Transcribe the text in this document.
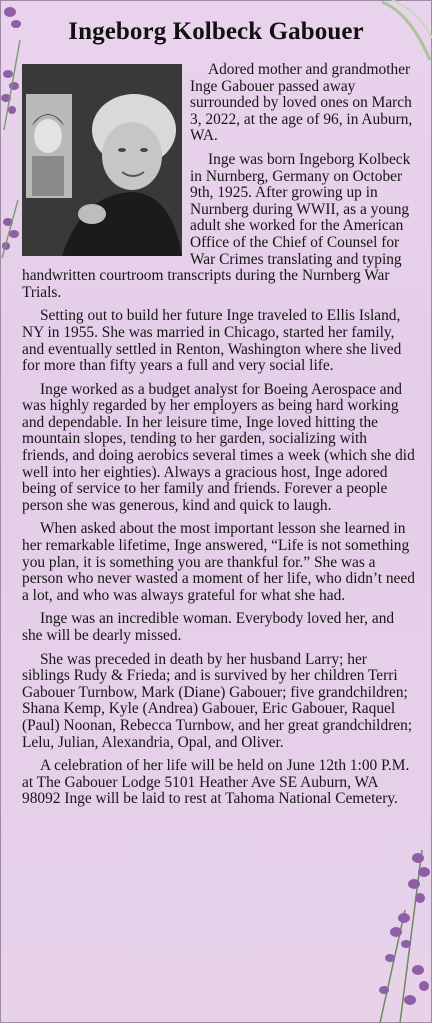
Ingeborg Kolbeck Gabouer

Adored mother and grandmother Inge Gabouer passed away surrounded by loved ones on March 3, 2022, at the age of 96, in Auburn, WA.

Inge was born Ingeborg Kolbeck in Nurnberg, Germany on October 9th, 1925. After growing up in Nurnberg during WWII, as a young adult she worked for the American Office of the Chief of Counsel for War Crimes translating and typing handwritten courtroom transcripts during the Nurnberg War Trials.

Setting out to build her future Inge traveled to Ellis Island, NY in 1955. She was married in Chicago, started her family, and eventually settled in Renton, Washington where she lived for more than fifty years a full and very social life.

Inge worked as a budget analyst for Boeing Aerospace and was highly regarded by her employers as being hard working and dependable. In her leisure time, Inge loved hitting the mountain slopes, tending to her garden, socializing with friends, and doing aerobics several times a week (which she did well into her eighties). Always a gracious host, Inge adored being of service to her family and friends. Forever a people person she was generous, kind and quick to laugh.

When asked about the most important lesson she learned in her remarkable lifetime, Inge answered, “Life is not something you plan, it is something you are thankful for.” She was a person who never wasted a moment of her life, who didn’t need a lot, and who was always grateful for what she had.

Inge was an incredible woman. Everybody loved her, and she will be dearly missed.

She was preceded in death by her husband Larry; her siblings Rudy & Frieda; and is survived by her children Terri Gabouer Turnbow, Mark (Diane) Gabouer; five grandchildren; Shana Kemp, Kyle (Andrea) Gabouer, Eric Gabouer, Raquel (Paul) Noonan, Rebecca Turnbow, and her great grandchildren; Lelu, Julian, Alexandria, Opal, and Oliver.

A celebration of her life will be held on June 12th 1:00 P.M. at The Gabouer Lodge 5101 Heather Ave SE Auburn, WA 98092 Inge will be laid to rest at Tahoma National Cemetery.
